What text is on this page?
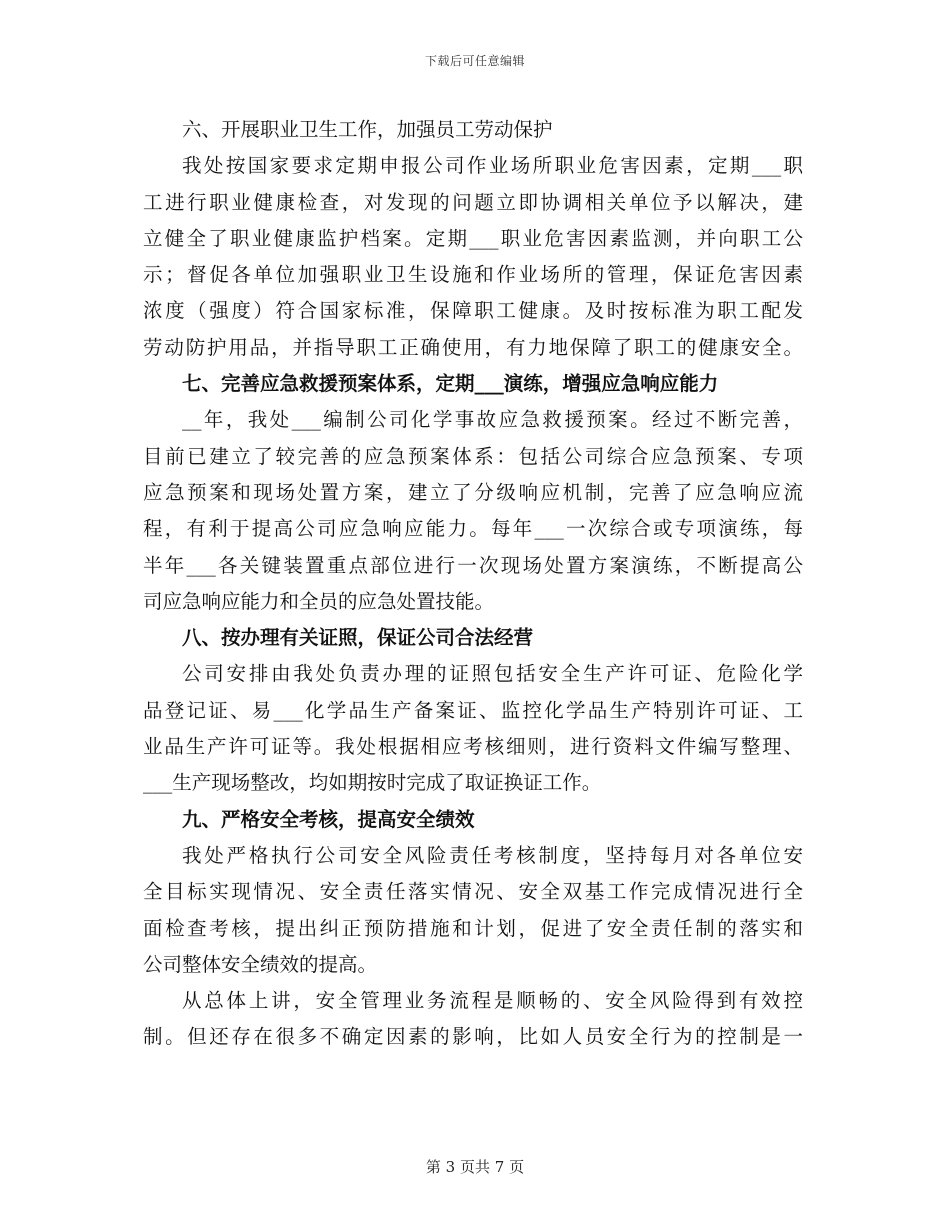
下载后可任意编辑
六、开展职业卫生工作，加强员工劳动保护
我处按国家要求定期申报公司作业场所职业危害因素，定期___职
工进行职业健康检查，对发现的问题立即协调相关单位予以解决，建
立健全了职业健康监护档案。定期___职业危害因素监测，并向职工公
示；督促各单位加强职业卫生设施和作业场所的管理，保证危害因素
浓度（强度）符合国家标准，保障职工健康。及时按标准为职工配发
劳动防护用品，并指导职工正确使用，有力地保障了职工的健康安全。
七、完善应急救援预案体系，定期___演练，增强应急响应能力
__年，我处___编制公司化学事故应急救援预案。经过不断完善，
目前已建立了较完善的应急预案体系：包括公司综合应急预案、专项
应急预案和现场处置方案，建立了分级响应机制，完善了应急响应流
程，有利于提高公司应急响应能力。每年___一次综合或专项演练，每
半年___各关键装置重点部位进行一次现场处置方案演练，不断提高公
司应急响应能力和全员的应急处置技能。
八、按办理有关证照，保证公司合法经营
公司安排由我处负责办理的证照包括安全生产许可证、危险化学
品登记证、易___化学品生产备案证、监控化学品生产特别许可证、工
业品生产许可证等。我处根据相应考核细则，进行资料文件编写整理、
___生产现场整改，均如期按时完成了取证换证工作。
九、严格安全考核，提高安全绩效
我处严格执行公司安全风险责任考核制度，坚持每月对各单位安
全目标实现情况、安全责任落实情况、安全双基工作完成情况进行全
面检查考核，提出纠正预防措施和计划，促进了安全责任制的落实和
公司整体安全绩效的提高。
从总体上讲，安全管理业务流程是顺畅的、安全风险得到有效控
制。但还存在很多不确定因素的影响，比如人员安全行为的控制是一
第 3 页共 7 页
